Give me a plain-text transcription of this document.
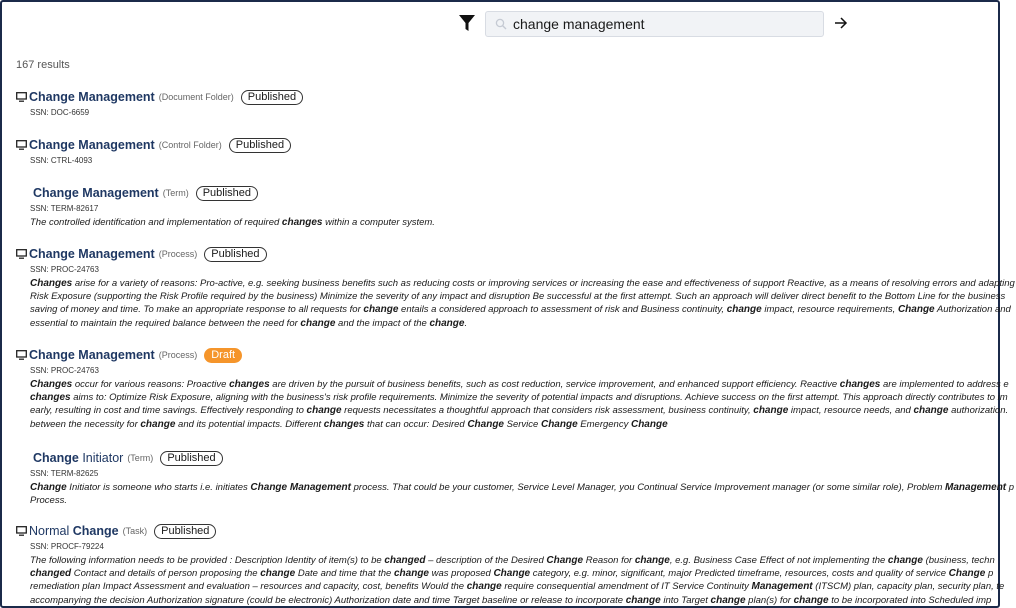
change management
167 results
Change Management (Document Folder)	Published
SSN: DOC-6659
Change Management (Control Folder)	Published
SSN: CTRL-4093
Change Management (Term)	Published
SSN: TERM-82617
The controlled identification and implementation of required changes within a computer system.
Change Management (Process)	Published
SSN: PROC-24763
Changes arise for a variety of reasons: Pro-active, e.g. seeking business benefits such as reducing costs or improving services or increasing the ease and effectiveness of support Reactive, as a means of resolving errors and adapting
Risk Exposure (supporting the Risk Profile required by the business) Minimize the severity of any impact and disruption Be successful at the first attempt. Such an approach will deliver direct benefit to the Bottom Line for the business
saving of money and time. To make an appropriate response to all requests for change entails a considered approach to assessment of risk and Business continuity, change impact, resource requirements, Change Authorization and
essential to maintain the required balance between the need for change and the impact of the change.
Change Management (Process)	Draft
SSN: PROC-24763
Changes occur for various reasons: Proactive changes are driven by the pursuit of business benefits, such as cost reduction, service improvement, and enhanced support efficiency. Reactive changes are implemented to address e
changes aims to: Optimize Risk Exposure, aligning with the business's risk profile requirements. Minimize the severity of potential impacts and disruptions. Achieve success on the first attempt. This approach directly contributes to im
early, resulting in cost and time savings. Effectively responding to change requests necessitates a thoughtful approach that considers risk assessment, business continuity, change impact, resource needs, and change authorization.
between the necessity for change and its potential impacts. Different changes that can occur: Desired Change Service Change Emergency Change
Change Initiator (Term)	Published
SSN: TERM-82625
Change Initiator is someone who starts i.e. initiates Change Management process. That could be your customer, Service Level Manager, you Continual Service Improvement manager (or some similar role), Problem Management p
Process.
Normal Change (Task)	Published
SSN: PROCF-79224
The following information needs to be provided : Description Identity of item(s) to be changed – description of the Desired Change Reason for change, e.g. Business Case Effect of not implementing the change (business, techn
changed Contact and details of person proposing the change Date and time that the change was proposed Change category, e.g. minor, significant, major Predicted timeframe, resources, costs and quality of service Change p
remediation plan Impact Assessment and evaluation – resources and capacity, cost, benefits Would the change require consequential amendment of IT Service Continuity Management (ITSCM) plan, capacity plan, security plan, te
accompanying the decision Authorization signature (could be electronic) Authorization date and time Target baseline or release to incorporate change into Target change plan(s) for change to be incorporated into Scheduled imp
